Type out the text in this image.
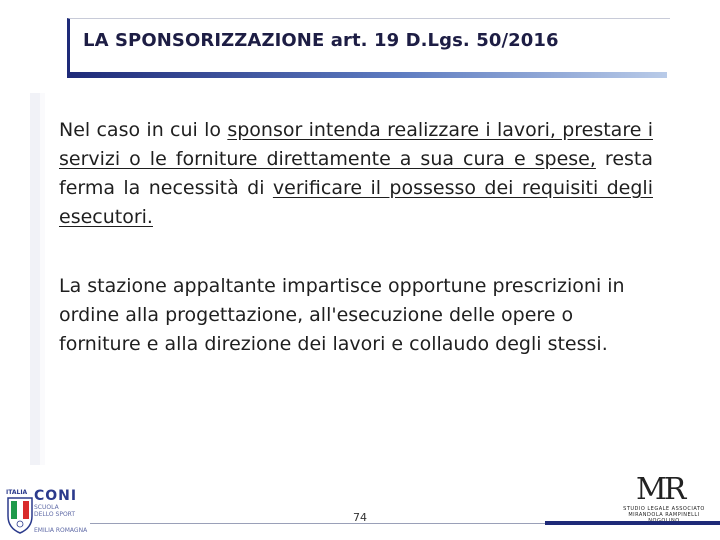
LA SPONSORIZZAZIONE art. 19 D.Lgs. 50/2016

Nel caso in cui lo sponsor intenda realizzare i lavori, prestare i servizi o le forniture direttamente a sua cura e spese, resta ferma la necessità di verificare il possesso dei requisiti degli esecutori.

La stazione appaltante impartisce opportune prescrizioni in ordine alla progettazione, all'esecuzione delle opere o forniture e alla direzione dei lavori e collaudo degli stessi.

ITALIA CONI
SCUOLA
DELLO SPORT
EMILIA ROMAGNA
MR
STUDIO LEGALE ASSOCIATO
MIRANDOLA RAMPINELLI
74
